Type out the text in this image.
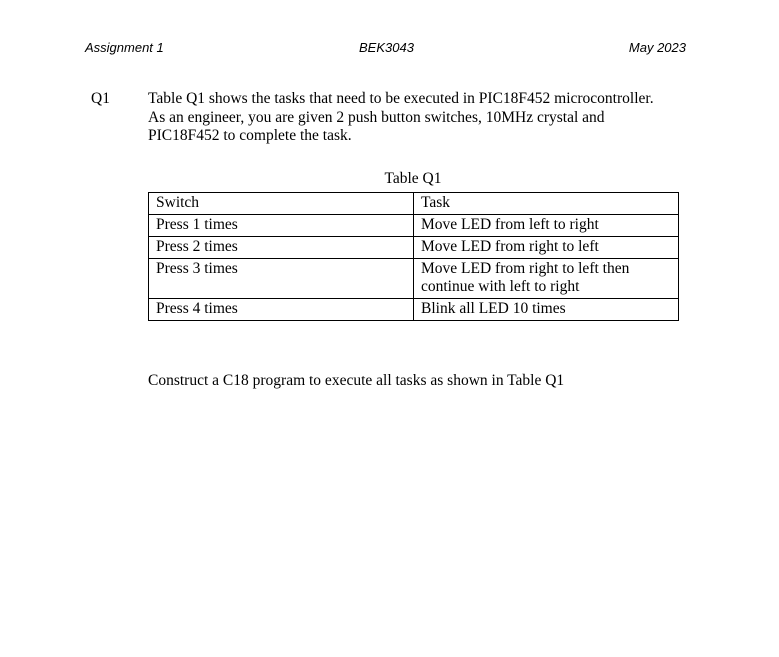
Assignment 1	BEK3043	May 2023
Q1 Table Q1 shows the tasks that need to be executed in PIC18F452 microcontroller.

As an engineer, you are given 2 push button switches, 10MHz crystal and

PIC18F452 to complete the task.

Table Q1
Switch	Task
Press 1 times	Move LED from left to right
Press 2 times	Move LED from right to left
Press 3 times	Move LED from right to left then
continue with left to right

Press 4 times	Blink all LED 10 times
Construct a C18 program to execute all tasks as shown in Table Q1
